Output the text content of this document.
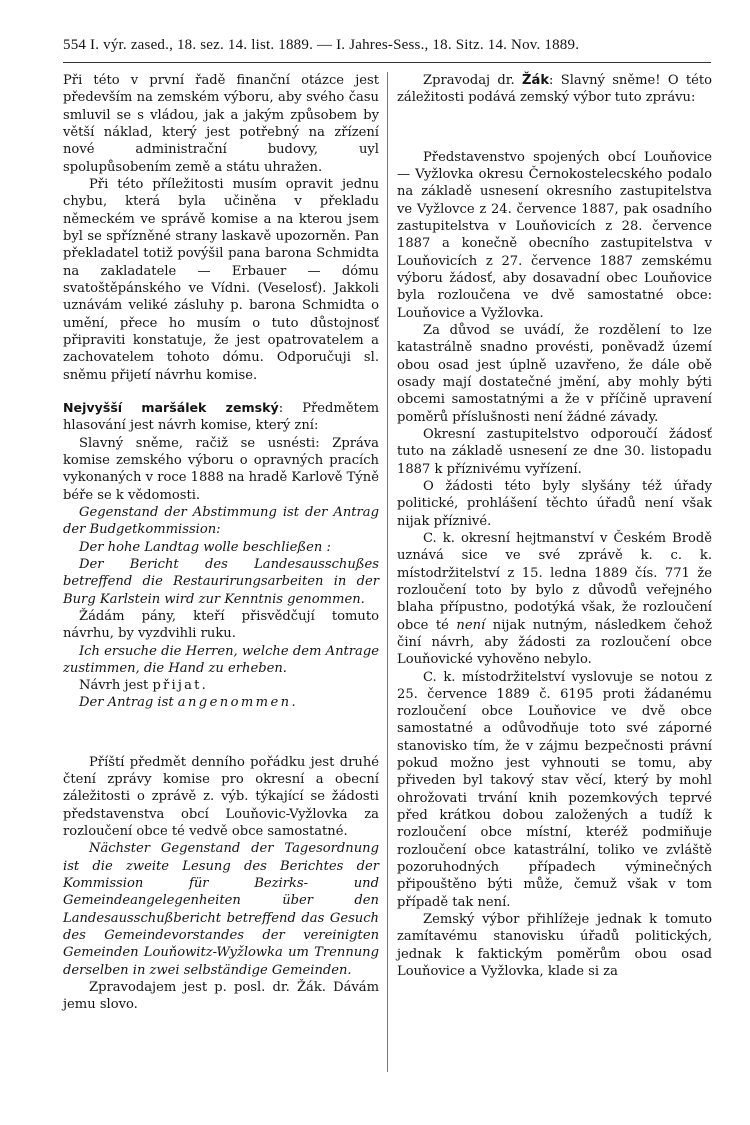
554 I. výr. zased., 18. sez. 14. list. 1889. — I. Jahres-Sess., 18. Sitz. 14. Nov. 1889.

Při této v první řadě finanční otázce jest především na zemském výboru, aby svého času smluvil se s vládou, jak a jakým způsobem by větší náklad, který jest potřebný na zřízení nové administrační budovy, uyl spolupůsobením země a státu uhražen.

Při této příležitosti musím opravit jednu chybu, která byla učiněna v překladu německém ve správě komise a na kterou jsem byl se spřízněné strany laskavě upozorněn. Pan překladatel totiž povýšil pana barona Schmidta na zakladatele — Erbauer — dómu svatoštěpánského ve Vídni. (Veselosť). Jakkoli uznávám veliké zásluhy p. barona Schmidta o umění, přece ho musím o tuto důstojnosť připraviti konstatuje, že jest opatrovatelem a zachovatelem tohoto dómu. Odporučuji sl. sněmu přijetí návrhu komise.

Nejvyšší maršálek zemský: Předmětem hlasování jest návrh komise, který zní:

Slavný sněme, račiž se usnésti: Zpráva komise zemského výboru o opravných pracích vykonaných v roce 1888 na hradě Karlově Týně béře se k vědomosti.

Gegenstand der Abstimmung ist der Antrag der Budgetkommission:

Der hohe Landtag wolle beschließen :

Der Bericht des Landesausschußes betreffend die Restaurirungsarbeiten in der Burg Karlstein wird zur Kenntnis genommen.

Žádám pány, kteří přisvědčují tomuto návrhu, by vyzdvihli ruku.

Ich ersuche die Herren, welche dem Antrage zustimmen, die Hand zu erheben.

Návrh jest přijat.

Der Antrag ist angenommen.

Příští předmět denního pořádku jest druhé čtení zprávy komise pro okresní a obecní záležitosti o zprávě z. výb. týkající se žádosti představenstva obcí Louňovic-Vyžlovka za rozloučení obce té vedvě obce samostatné.

Nächster Gegenstand der Tagesordnung ist die zweite Lesung des Berichtes der Kommission für Bezirks- und Gemeindeangelegenheiten über den Landesausschußbericht betreffend das Gesuch des Gemeindevorstandes der vereinigten Gemeinden Louňowitz-Wyžlowka um Trennung derselben in zwei selbständige Gemeinden.

Zpravodajem jest p. posl. dr. Žák. Dávám jemu slovo.

Zpravodaj dr. Žák: Slavný sněme! O této záležitosti podává zemský výbor tuto zprávu:

Představenstvo spojených obcí Louňovice — Vyžlovka okresu Černokostelecského podalo na základě usnesení okresního zastupitelstva ve Vyžlovce z 24. července 1887, pak osadního zastupitelstva v Louňovicích z 28. července 1887 a konečně obecního zastupitelstva v Louňovicích z 27. července 1887 zemskému výboru žádosť, aby dosavadní obec Louňovice byla rozloučena ve dvě samostatné obce: Louňovice a Vyžlovka.

Za důvod se uvádí, že rozdělení to lze katastrálně snadno provésti, poněvadž území obou osad jest úplně uzavřeno, že dále obě osady mají dostatečné jmění, aby mohly býti obcemi samostatnými a že v příčině upravení poměrů příslušnosti není žádné závady.

Okresní zastupitelstvo odporoučí žádosť tuto na základě usnesení ze dne 30. listopadu 1887 k příznivému vyřízení.

O žádosti této byly slyšány též úřady politické, prohlášení těchto úřadů není však nijak příznivé.

C. k. okresní hejtmanství v Českém Brodě uznává sice ve své zprávě k. c. k. místodržitelství z 15. ledna 1889 čís. 771 že rozloučení toto by bylo z důvodů veřejného blaha přípustno, podotýká však, že rozloučení obce té není nijak nutným, následkem čehož činí návrh, aby žádosti za rozloučení obce Louňovické vyhověno nebylo.

C. k. místodržitelství vyslovuje se notou z 25. července 1889 č. 6195 proti žádanému rozloučení obce Louňovice ve dvě obce samostatné a odůvodňuje toto své záporné stanovisko tím, že v zájmu bezpečnosti právní pokud možno jest vyhnouti se tomu, aby přiveden byl takový stav věcí, který by mohl ohrožovati trvání knih pozemkových teprvé před krátkou dobou založených a tudíž k rozloučení obce místní, kteréž podmiňuje rozloučení obce katastrální, toliko ve zvláště pozoruhodných případech výminečných připouštěno býti může, čemuž však v tom případě tak není.

Zemský výbor přihlížeje jednak k tomuto zamítavému stanovisku úřadů politických, jednak k faktickým poměrům obou osad Louňovice a Vyžlovka, klade si za
